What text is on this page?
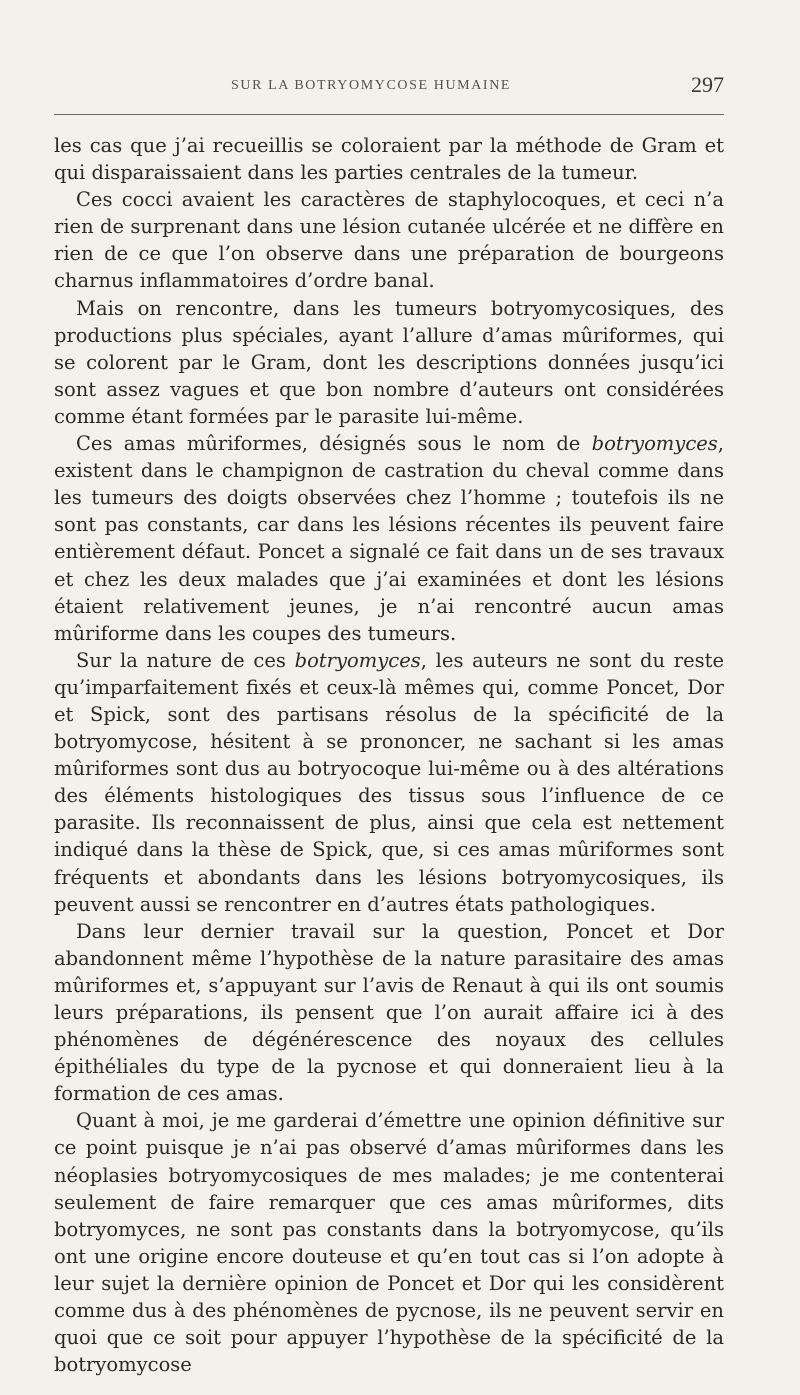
SUR LA BOTRYOMYCOSE HUMAINE	297

les cas que j’ai recueillis se coloraient par la méthode de Gram et qui disparaissaient dans les parties centrales de la tumeur.

Ces cocci avaient les caractères de staphylocoques, et ceci n’a rien de surprenant dans une lésion cutanée ulcérée et ne diffère en rien de ce que l’on observe dans une préparation de bourgeons charnus inflammatoires d’ordre banal.

Mais on rencontre, dans les tumeurs botryomycosiques, des productions plus spéciales, ayant l’allure d’amas mûriformes, qui se colorent par le Gram, dont les descriptions données jusqu’ici sont assez vagues et que bon nombre d’auteurs ont considérées comme étant formées par le parasite lui-même.

Ces amas mûriformes, désignés sous le nom de botryomyces, existent dans le champignon de castration du cheval comme dans les tumeurs des doigts observées chez l’homme ; toutefois ils ne sont pas constants, car dans les lésions récentes ils peuvent faire entièrement défaut. Poncet a signalé ce fait dans un de ses travaux et chez les deux malades que j’ai examinées et dont les lésions étaient relativement jeunes, je n’ai rencontré aucun amas mûriforme dans les coupes des tumeurs.

Sur la nature de ces botryomyces, les auteurs ne sont du reste qu’imparfaitement fixés et ceux-là mêmes qui, comme Poncet, Dor et Spick, sont des partisans résolus de la spécificité de la botryomycose, hésitent à se prononcer, ne sachant si les amas mûriformes sont dus au botryocoque lui-même ou à des altérations des éléments histologiques des tissus sous l’influence de ce parasite. Ils reconnaissent de plus, ainsi que cela est nettement indiqué dans la thèse de Spick, que, si ces amas mûriformes sont fréquents et abondants dans les lésions botryomycosiques, ils peuvent aussi se rencontrer en d’autres états pathologiques.

Dans leur dernier travail sur la question, Poncet et Dor abandonnent même l’hypothèse de la nature parasitaire des amas mûriformes et, s’appuyant sur l’avis de Renaut à qui ils ont soumis leurs préparations, ils pensent que l’on aurait affaire ici à des phénomènes de dégénérescence des noyaux des cellules épithéliales du type de la pycnose et qui donneraient lieu à la formation de ces amas.

Quant à moi, je me garderai d’émettre une opinion définitive sur ce point puisque je n’ai pas observé d’amas mûriformes dans les néoplasies botryomycosiques de mes malades; je me contenterai seulement de faire remarquer que ces amas mûriformes, dits botryomyces, ne sont pas constants dans la botryomycose, qu’ils ont une origine encore douteuse et qu’en tout cas si l’on adopte à leur sujet la dernière opinion de Poncet et Dor qui les considèrent comme dus à des phénomènes de pycnose, ils ne peuvent servir en quoi que ce soit pour appuyer l’hypothèse de la spécificité de la botryomycose
